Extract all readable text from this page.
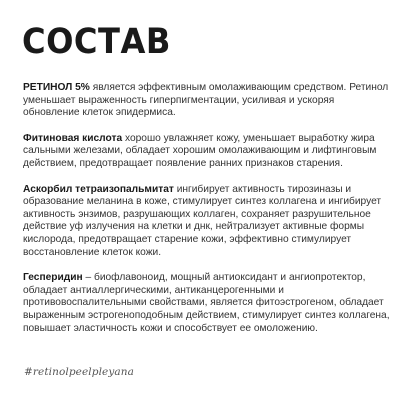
СОСТАВ

РЕТИНОЛ 5% является эффективным омолаживающим средством. Ретинол уменьшает выраженность гиперпигментации, усиливая и ускоряя обновление клеток эпидермиса.

Фитиновая кислота хорошо увлажняет кожу, уменьшает выработку жира сальными железами, обладает хорошим омолаживающим и лифтинговым действием, предотвращает появление ранних признаков старения.

Аскорбил тетраизопальмитат ингибирует активность тирозиназы и образование меланина в коже, стимулирует синтез коллагена и ингибирует активность энзимов, разрушающих коллаген, сохраняет разрушительное действие уф излучения на клетки и днк, нейтрализует активные формы кислорода, предотвращает старение кожи, эффективно стимулирует восстановление клеток кожи.

Гесперидин – биофлавоноид, мощный антиоксидант и ангиопротектор, обладает антиаллергическими, антиканцерогенными и противовоспалительными свойствами, является фитоэстрогеном, обладает выраженным эстрогеноподобным действием, стимулирует синтез коллагена, повышает эластичность кожи и способствует ее омоложению.

#retinolpeelpleyana
